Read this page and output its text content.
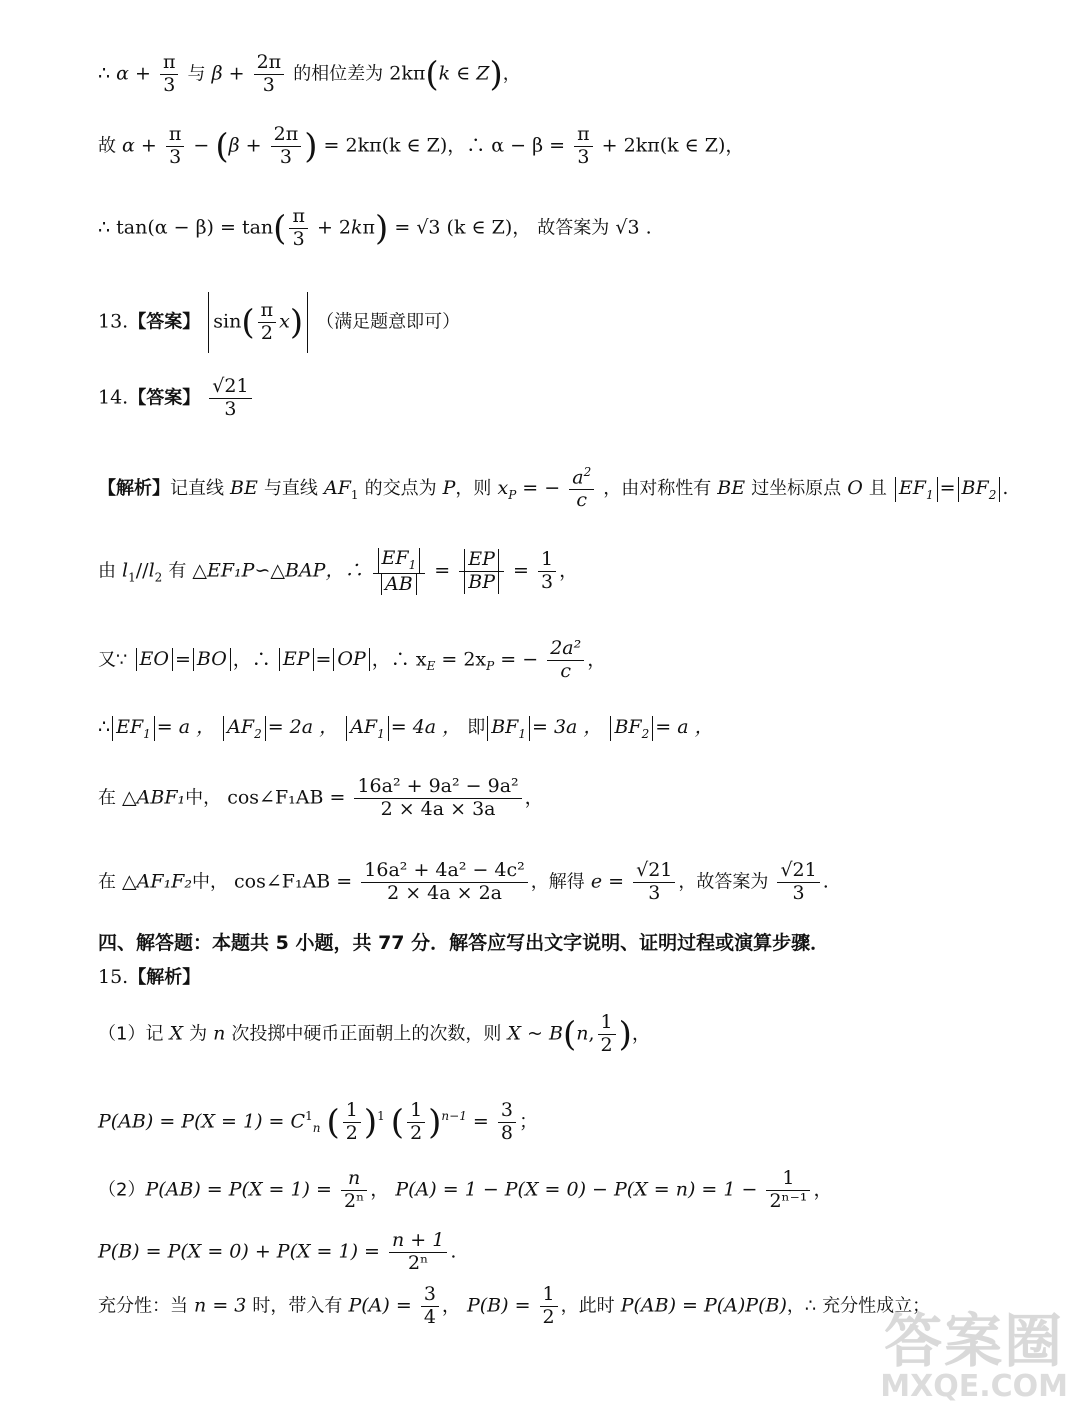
∴ $\alpha + \frac{\pi}{3}$ 与 $\beta + \frac{2\pi}{3}$ 的相位差为 2kπ(k ∈ Z)，
故 $\alpha + \frac{\pi}{3} - (\beta + \frac{2\pi}{3}$ ) = 2kπ(k ∈ Z)，∴ $\alpha - \beta = \frac{\pi}{3} + 2k\pi(k$ ∈ Z)，
∴ $\tan(\alpha - \beta) = \tan( \frac{\pi}{3} + 2k\pi) = √3$ (k ∈ Z)， 故答案为 √3 .
13.【答案】 $\sin( \frac{\pi}{2} x)$ （满足题意即可）
14.【答案】 $\frac{√21}{3}$
【解析】记直线 BE 与直线 $AF_1$ 的交点为 P，则 $x_P$ = − $\frac{a^2}{c}$ ，由对称性有 BE 过坐标原点 O 且 $EF_1 = BF_2$ .
由 $l_1//l_2$ 有 △EF₁P∽△BAP，∴ $\frac{EF_1}{AB} = \frac{EP}{BP} = \frac{1}{3}$ ，
又∵ EO = BO ，∴ EP = OP ，∴ $x_E = 2x_P$ = − $\frac{\text{2a²}}{c}$ ，
∴ $EF_1 = a$ ， $AF_2 = 2a$ ， $AF_1 = 4a$ ， 即 $BF_1 = 3a$ ， $BF_2 = a$ ，
在 △ABF₁中， cos∠F₁AB = $\frac{\text{16a² + 9a² − 9a²}}{2 \times 4a \times 3a}$ ，
在 △AF₁F₂中， cos∠F₁AB = $\frac{\text{16a² + 4a² − 4c²}}{2 \times 4a \times 2a}$ ，解得 $e = \frac{√21}{3}$ ，故答案为 $\frac{√21}{3}$ .
四、解答题：本题共 5 小题，共 77 分．解答应写出文字说明、证明过程或演算步骤．
15.【解析】
（1）记 X 为 n 次投掷中硬币正面朝上的次数，则 X ~ B(n, $\frac{1}{2}$ )，
$P(AB) = P(X = 1) = C^1_n$ ( $\frac{1}{2} )^1$ ( $\frac{1}{2} )^{n-1} = \frac{3}{8}$ ；
$(2)P(AB) = P(X = 1) = \frac{n}{\text{2ⁿ}}$ ， $P(A) = 1 - P(X = 0) - P(X = n) = 1 - \frac{1}{\text{2ⁿ⁻¹}}$ ，
$P(B) = P(X = 0) + P(X = 1) = \frac{n + 1}{\text{2ⁿ}}$ .
充分性：当 n = 3 时，带入有 $P(A) = \frac{3}{4}$ ， $P(B) = \frac{1}{2}$ ，此时 P(AB) = P(A)P(B)，∴ 充分性成立；
答案圈
MXQE.COM
